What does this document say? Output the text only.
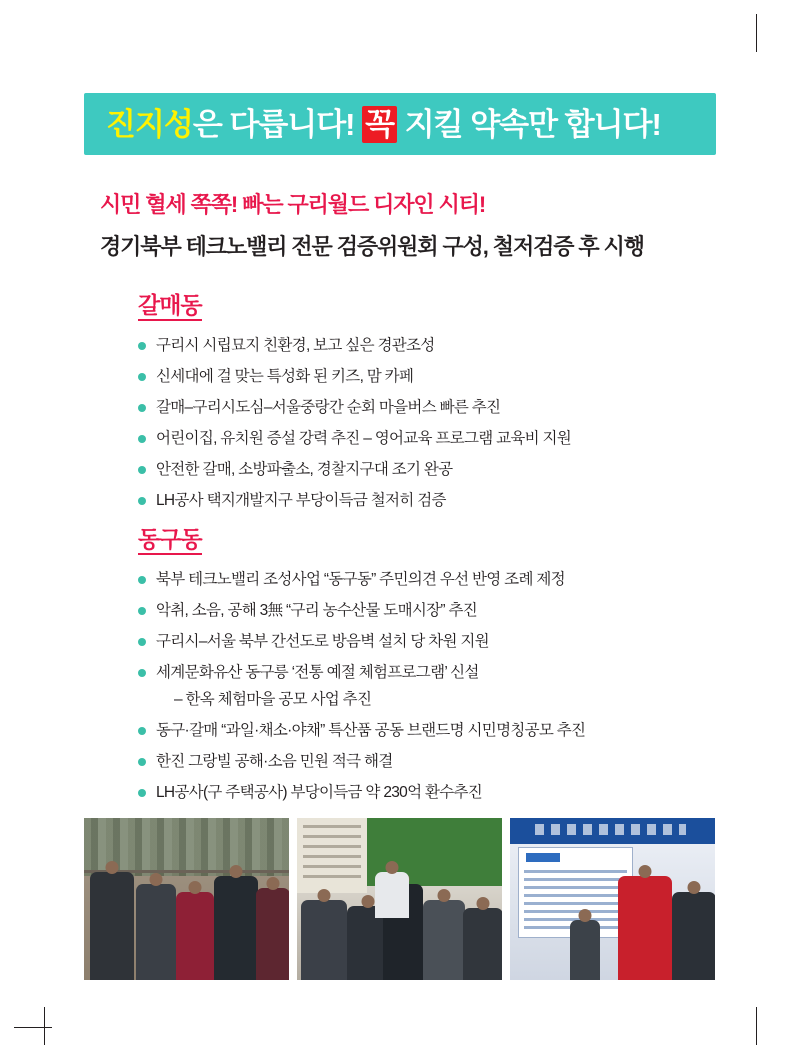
진지성은 다릅니다! 꼭 지킬 약속만 합니다!
시민 혈세 쪽쪽! 빠는 구리월드 디자인 시티!
경기북부 테크노밸리 전문 검증위원회 구성, 철저검증 후 시행
갈매동
구리시 시립묘지 친환경, 보고 싶은 경관조성
신세대에 걸 맞는 특성화 된 키즈, 맘 카페
갈매–구리시도심–서울중랑간 순회 마을버스 빠른 추진
어린이집, 유치원 증설 강력 추진 – 영어교육 프로그램 교육비 지원
안전한 갈매, 소방파출소, 경찰지구대 조기 완공
LH공사 택지개발지구 부당이득금 철저히 검증
동구동
북부 테크노밸리 조성사업 “동구동” 주민의견 우선 반영 조례 제정
악취, 소음, 공해 3無 “구리 농수산물 도매시장” 추진
구리시–서울 북부 간선도로 방음벽 설치 당 차원 지원
세계문화유산 동구릉 ‘전통 예절 체험프로그램’ 신설
– 한옥 체험마을 공모 사업 추진
동구·갈매 “과일·채소·야채” 특산품 공동 브랜드명 시민명칭공모 추진
한진 그랑빌 공해·소음 민원 적극 해결
LH공사(구 주택공사) 부당이득금 약 230억 환수추진
